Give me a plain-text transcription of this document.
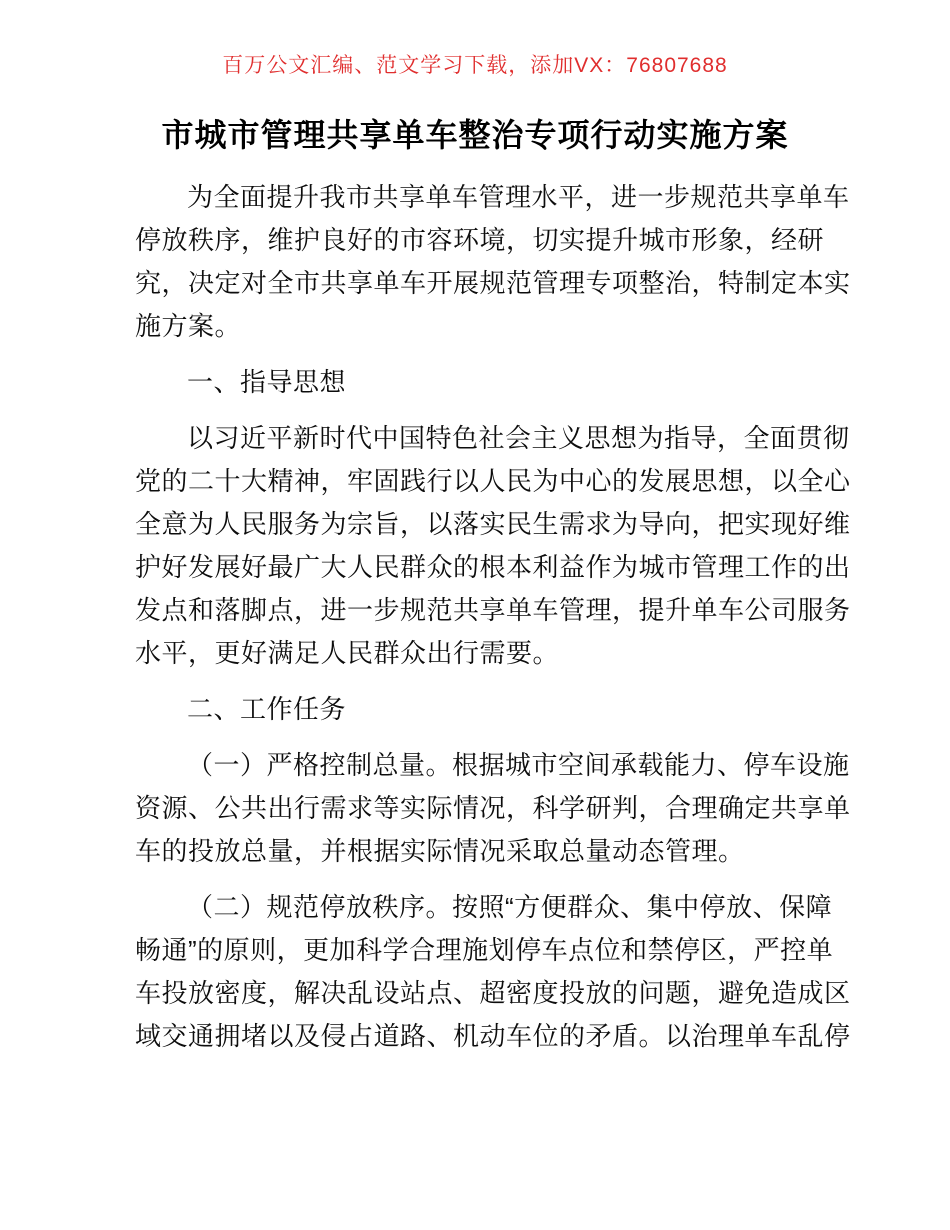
百万公文汇编、范文学习下载，添加VX：76807688
市城市管理共享单车整治专项行动实施方案
为全面提升我市共享单车管理水平，进一步规范共享单车
停放秩序，维护良好的市容环境，切实提升城市形象，经研
究，决定对全市共享单车开展规范管理专项整治，特制定本实
施方案。
一、指导思想
以习近平新时代中国特色社会主义思想为指导，全面贯彻
党的二十大精神，牢固践行以人民为中心的发展思想，以全心
全意为人民服务为宗旨，以落实民生需求为导向，把实现好维
护好发展好最广大人民群众的根本利益作为城市管理工作的出
发点和落脚点，进一步规范共享单车管理，提升单车公司服务
水平，更好满足人民群众出行需要。
二、工作任务
（一）严格控制总量。根据城市空间承载能力、停车设施
资源、公共出行需求等实际情况，科学研判，合理确定共享单
车的投放总量，并根据实际情况采取总量动态管理。
（二）规范停放秩序。按照“方便群众、集中停放、保障
畅通”的原则，更加科学合理施划停车点位和禁停区，严控单
车投放密度，解决乱设站点、超密度投放的问题，避免造成区
域交通拥堵以及侵占道路、机动车位的矛盾。以治理单车乱停
